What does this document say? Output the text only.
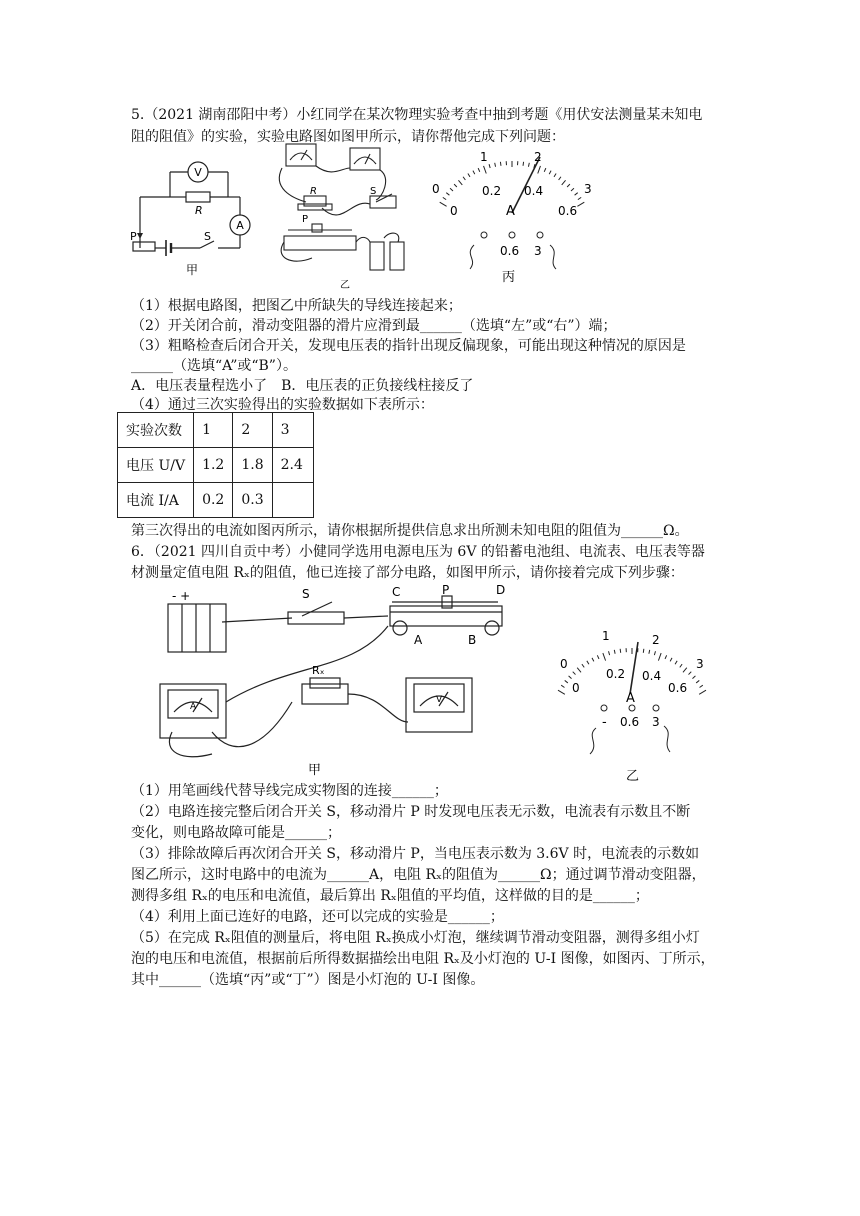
5.（2021 湖南邵阳中考）小红同学在某次物理实验考查中抽到考题《用伏安法测量某未知电
阻的阻值》的实验，实验电路图如图甲所示，请你帮他完成下列问题：
V
A
R
P	S
甲
R
P
S
乙
0
1	2
3
0
0.2 0.4
0.6
A
0.6 3
丙
（1）根据电路图，把图乙中所缺失的导线连接起来；
（2）开关闭合前，滑动变阻器的滑片应滑到最______（选填“左”或“右”）端；
（3）粗略检查后闭合开关，发现电压表的指针出现反偏现象，可能出现这种情况的原因是
______（选填“A”或“B”）。
A．电压表量程选小了　B．电压表的正负接线柱接反了
（4）通过三次实验得出的实验数据如下表所示：
实验次数	1	2	3
电压 U/V	1.2	1.8	2.4
电流 I/A	0.2	0.3	
第三次得出的电流如图丙所示，请你根据所提供信息求出所测未知电阻的阻值为______Ω。
6．（2021 四川自贡中考）小健同学选用电源电压为 6V 的铅蓄电池组、电流表、电压表等器
材测量定值电阻 Rₓ的阻值，他已连接了部分电路，如图甲所示，请你接着完成下列步骤：
- +	S	C	P	D
A	B
Rₓ
A
V
甲
0
1	2
3
0
0.2 0.4
0.6
A
- 0.6 3
乙
（1）用笔画线代替导线完成实物图的连接______；
（2）电路连接完整后闭合开关 S，移动滑片 P 时发现电压表无示数，电流表有示数且不断
变化，则电路故障可能是______；
（3）排除故障后再次闭合开关 S，移动滑片 P，当电压表示数为 3.6V 时，电流表的示数如
图乙所示，这时电路中的电流为______A，电阻 Rₓ的阻值为______Ω；通过调节滑动变阻器，
测得多组 Rₓ的电压和电流值，最后算出 Rₓ阻值的平均值，这样做的目的是______；
（4）利用上面已连好的电路，还可以完成的实验是______；
（5）在完成 Rₓ阻值的测量后，将电阻 Rₓ换成小灯泡，继续调节滑动变阻器，测得多组小灯
泡的电压和电流值，根据前后所得数据描绘出电阻 Rₓ及小灯泡的 U-I 图像，如图丙、丁所示，
其中______（选填“丙”或“丁”）图是小灯泡的 U-I 图像。
